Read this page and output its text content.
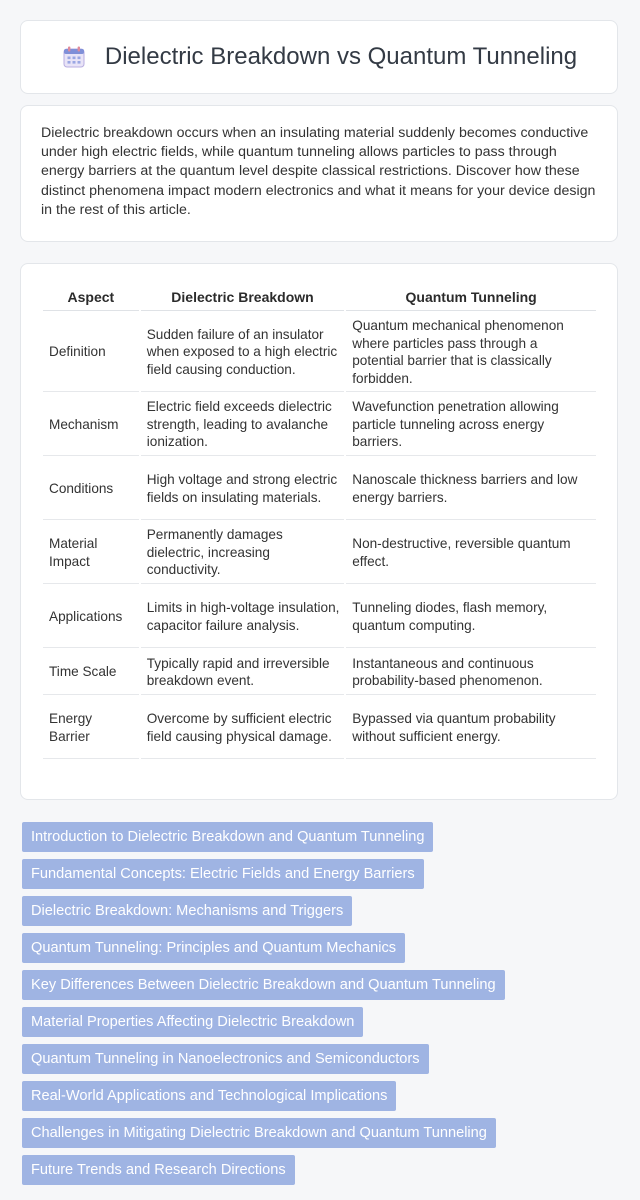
Dielectric Breakdown vs Quantum Tunneling

Dielectric breakdown occurs when an insulating material suddenly becomes conductive under high electric fields, while quantum tunneling allows particles to pass through energy barriers at the quantum level despite classical restrictions. Discover how these distinct phenomena impact modern electronics and what it means for your device design in the rest of this article.

Aspect	Dielectric Breakdown	Quantum Tunneling
Definition	Sudden failure of an insulator when exposed to a high electric field causing conduction.	Quantum mechanical phenomenon where particles pass through a potential barrier that is classically forbidden.
Mechanism	Electric field exceeds dielectric strength, leading to avalanche ionization.	Wavefunction penetration allowing particle tunneling across energy barriers.
Conditions	High voltage and strong electric fields on insulating materials.	Nanoscale thickness barriers and low energy barriers.
Material Impact	Permanently damages dielectric, increasing conductivity.	Non-destructive, reversible quantum effect.
Applications	Limits in high-voltage insulation, capacitor failure analysis.	Tunneling diodes, flash memory, quantum computing.
Time Scale	Typically rapid and irreversible breakdown event.	Instantaneous and continuous probability-based phenomenon.
Energy Barrier	Overcome by sufficient electric field causing physical damage.	Bypassed via quantum probability without sufficient energy.
Introduction to Dielectric Breakdown and Quantum Tunneling
Fundamental Concepts: Electric Fields and Energy Barriers
Dielectric Breakdown: Mechanisms and Triggers
Quantum Tunneling: Principles and Quantum Mechanics
Key Differences Between Dielectric Breakdown and Quantum Tunneling
Material Properties Affecting Dielectric Breakdown
Quantum Tunneling in Nanoelectronics and Semiconductors
Real-World Applications and Technological Implications
Challenges in Mitigating Dielectric Breakdown and Quantum Tunneling
Future Trends and Research Directions
